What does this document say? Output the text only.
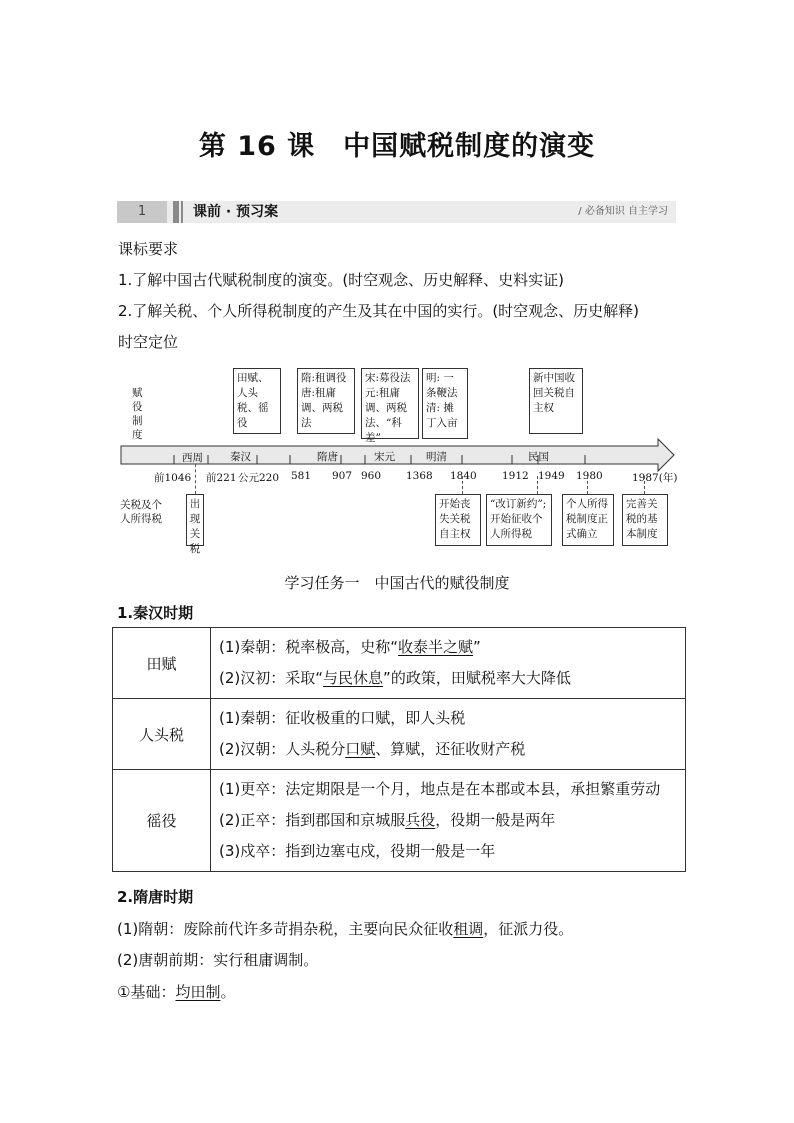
第 16 课　中国赋税制度的演变
1	课前 · 预习案	/ 必备知识 自主学习
课标要求
1.了解中国古代赋税制度的演变。(时空观念、历史解释、史料实证)
2.了解关税、个人所得税制度的产生及其在中国的实行。(时空观念、历史解释)
时空定位
赋役制度
关税及个人所得税
西周	秦汉	隋唐	宋元	明清	民国
前1046 前221 公元220 581 907 960 1368 1840 1912 1949 1980	1987(年)
田赋、人头税、徭役
隋:租调役唐:租庸调、两税法
宋:募役法元:租庸调、两税法、“科差”
明: 一条鞭法清: 摊丁入亩
新中国收回关税自主权
出现关税
开始丧失关税自主权
“改订新约”;开始征收个人所得税
个人所得税制度正式确立
完善关税的基本制度
学习任务一　中国古代的赋役制度
1.秦汉时期
田赋	(1)秦朝：税率极高，史称“收泰半之赋”
(2)汉初：采取“与民休息”的政策，田赋税率大大降低

人头税	(1)秦朝：征收极重的口赋，即人头税
(2)汉朝：人头税分口赋、算赋，还征收财产税

徭役	(1)更卒：法定期限是一个月，地点是在本郡或本县，承担繁重劳动
(2)正卒：指到郡国和京城服兵役，役期一般是两年
(3)戍卒：指到边塞屯戍，役期一般是一年
2.隋唐时期
(1)隋朝：废除前代许多苛捐杂税，主要向民众征收租调，征派力役。
(2)唐朝前期：实行租庸调制。
①基础：均田制。
